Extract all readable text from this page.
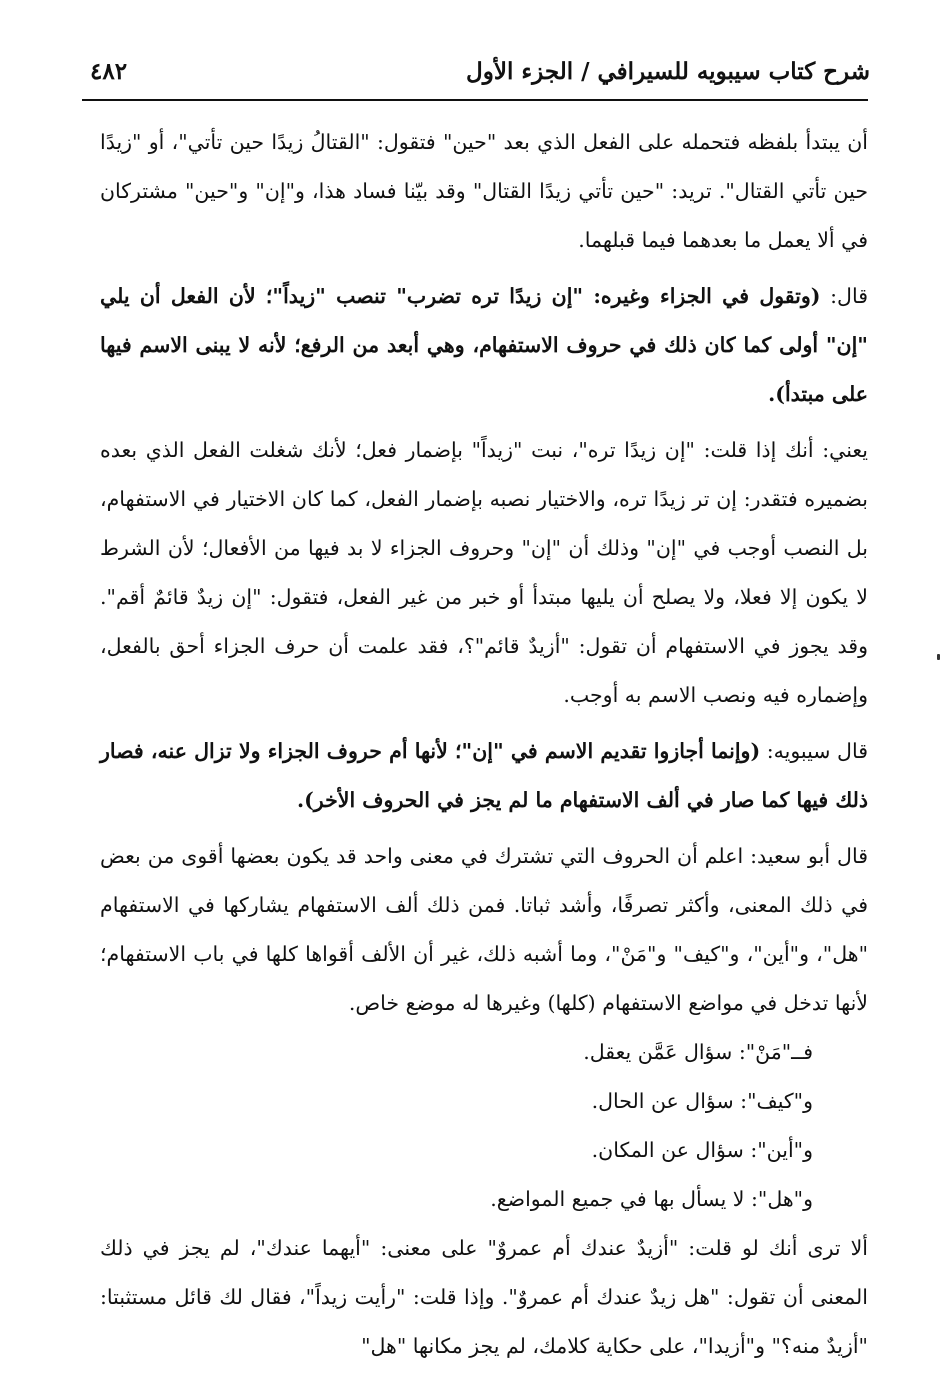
شرح كتاب سيبويه للسيرافي / الجزء الأول
٤٨٢

أن يبتدأ بلفظه فتحمله على الفعل الذي بعد "حين" فتقول: "القتالُ زيدًا حين تأتي"، أو "زيدًا حين تأتي القتال". تريد: "حين تأتي زيدًا القتال" وقد بيّنا فساد هذا، و"إن" و"حين" مشتركان في ألا يعمل ما بعدهما فيما قبلهما.

قال: (وتقول في الجزاء وغيره: "إن زيدًا تره تضرب" تنصب "زيداً"؛ لأن الفعل أن يلي "إن" أولى كما كان ذلك في حروف الاستفهام، وهي أبعد من الرفع؛ لأنه لا يبنى الاسم فيها على مبتدأ).

يعني: أنك إذا قلت: "إن زيدًا تره"، نبت "زيداً" بإضمار فعل؛ لأنك شغلت الفعل الذي بعده بضميره فتقدر: إن تر زيدًا تره، والاختيار نصبه بإضمار الفعل، كما كان الاختيار في الاستفهام، بل النصب أوجب في "إن" وذلك أن "إن" وحروف الجزاء لا بد فيها من الأفعال؛ لأن الشرط لا يكون إلا فعلا، ولا يصلح أن يليها مبتدأ أو خبر من غير الفعل، فتقول: "إن زيدٌ قائمٌ أقم". وقد يجوز في الاستفهام أن تقول: "أزيدٌ قائم"؟، فقد علمت أن حرف الجزاء أحق بالفعل، وإضماره فيه ونصب الاسم به أوجب.

قال سيبويه: (وإنما أجازوا تقديم الاسم في "إن"؛ لأنها أم حروف الجزاء ولا تزال عنه، فصار ذلك فيها كما صار في ألف الاستفهام ما لم يجز في الحروف الأخر).

قال أبو سعيد: اعلم أن الحروف التي تشترك في معنى واحد قد يكون بعضها أقوى من بعض في ذلك المعنى، وأكثر تصرفًا، وأشد ثباتا. فمن ذلك ألف الاستفهام يشاركها في الاستفهام "هل"، و"أين"، و"كيف" و"مَنْ"، وما أشبه ذلك، غير أن الألف أقواها كلها في باب الاستفهام؛ لأنها تدخل في مواضع الاستفهام (كلها) وغيرها له موضع خاص.

فــ"مَنْ": سؤال عَمَّن يعقل.
و"كيف": سؤال عن الحال.
و"أين": سؤال عن المكان.
و"هل": لا يسأل بها في جميع المواضع.

ألا ترى أنك لو قلت: "أزيدٌ عندك أم عمروٌ" على معنى: "أيهما عندك"، لم يجز في ذلك المعنى أن تقول: "هل زيدٌ عندك أم عمروٌ". وإذا قلت: "رأيت زيداً"، فقال لك قائل مستثبتا: "أزيدٌ منه؟" و"أزيدا"، على حكاية كلامك، لم يجز مكانها "هل"
